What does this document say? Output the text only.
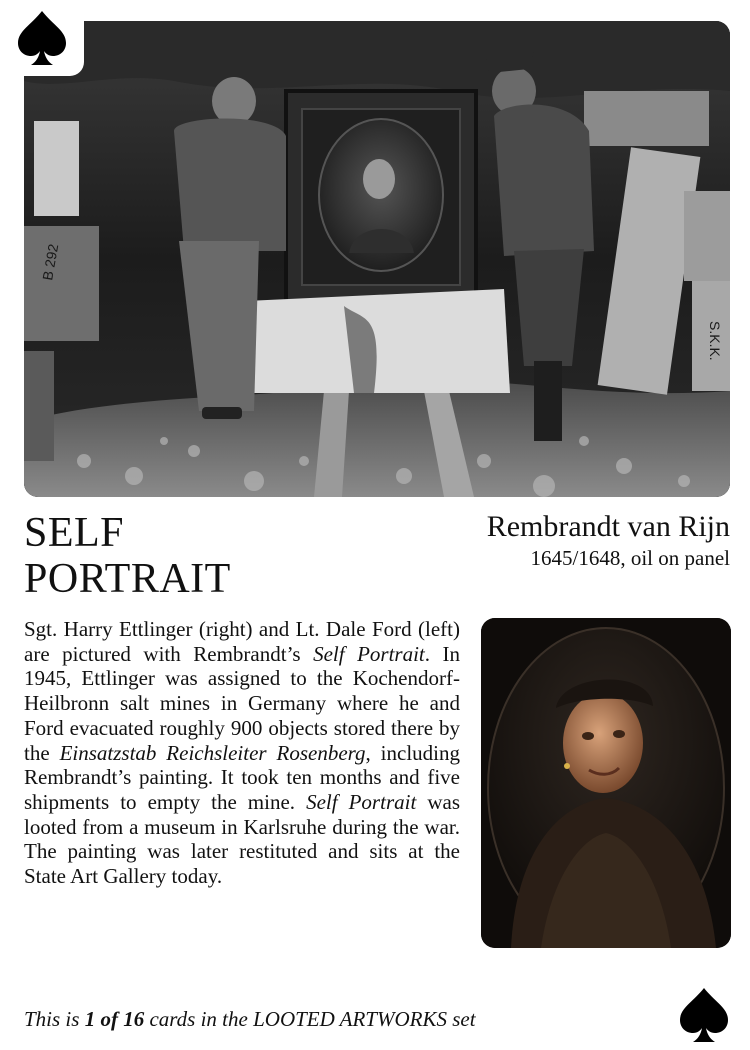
B 292
S.K.K.
SELF
PORTRAIT
Rembrandt van Rijn
1645/1648, oil on panel
Sgt. Harry Ettlinger (right) and Lt. Dale Ford (left) are pictured with Rembrandt’s Self Portrait. In 1945, Ettlinger was assigned to the Kochendorf-Heilbronn salt mines in Germany where he and Ford evacuated roughly 900 objects stored there by the Einsatzstab Reichsleiter Rosenberg, including Rembrandt’s painting. It took ten months and five shipments to empty the mine. Self Portrait was looted from a museum in Karlsruhe during the war. The painting was later restituted and sits at the State Art Gallery today.
This is 1 of 16 cards in the LOOTED ARTWORKS set
